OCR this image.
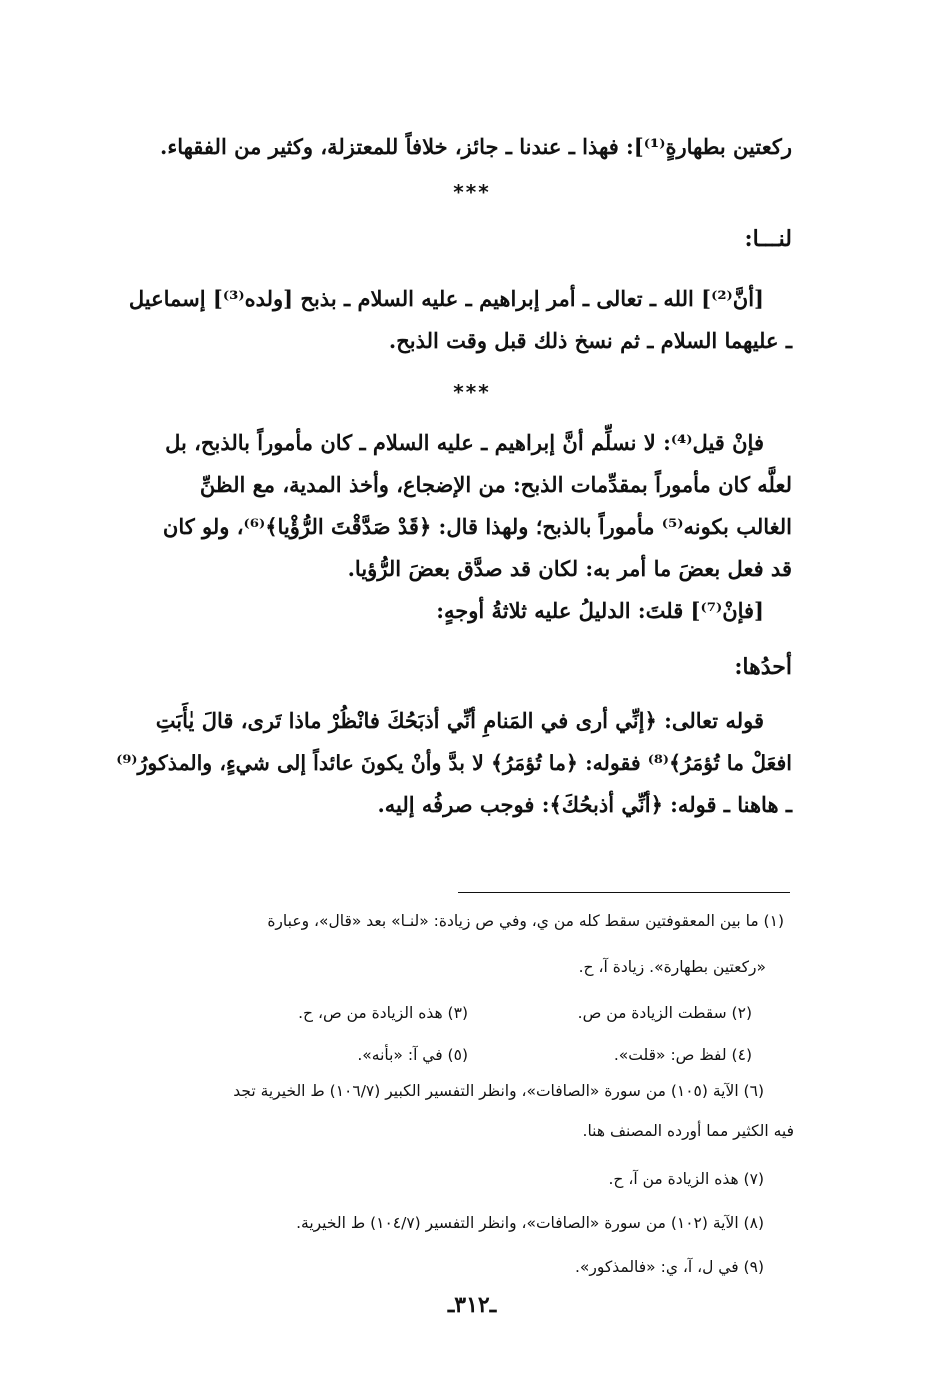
ركعتين بطهارةٍ⁽¹⁾]: فهذا ـ عندنا ـ جائز، خلافاً للمعتزلة، وكثير من الفقهاء.
***
لنـــا:
[أنَّ⁽²⁾] الله ـ تعالى ـ أمر إبراهيم ـ عليه السلام ـ بذبح [ولده⁽³⁾] إسماعيل
ـ عليهما السلام ـ ثم نسخ ذلك قبل وقت الذبح.
***
فإنْ قيل⁽⁴⁾: لا نسلِّم أنَّ إبراهيم ـ عليه السلام ـ كان مأموراً بالذبح، بل
لعلَّه كان مأموراً بمقدِّمات الذبح: من الإضجاع، وأخذ المدية، مع الظنِّ
الغالب بكونه⁽⁵⁾ مأموراً بالذبح؛ ولهذا قال: ﴿قَدْ صَدَّقْتَ الرُّؤْيا﴾⁽⁶⁾، ولو كان
قد فعل بعضَ ما أمر به: لكان قد صدَّق بعضَ الرُّؤيا.
[فإنْ⁽⁷⁾] قلتَ: الدليلُ عليه ثلاثةُ أوجهٍ:
أحدُها:
قوله تعالى: ﴿إنِّي أرى في المَنامِ أنِّي أذبَحُكَ فانْظُرْ ماذا تَرى، قالَ يٰأَبَتِ
افعَلْ ما تُؤمَرُ﴾⁽⁸⁾ فقوله: ﴿ما تُؤمَرُ﴾ لا بدَّ وأنْ يكونَ عائداً إلى شيءٍ، والمذكورُ⁽⁹⁾
ـ هاهنا ـ قوله: ﴿أنِّي أذبحُكَ﴾: فوجب صرفُه إليه.
(١) ما بين المعقوفتين سقط كله من ي، وفي ص زيادة: «لنـا» بعد «قال»، وعبارة
«ركعتين بطهارة». زيادة آ، ح.
(٢) سقطت الزيادة من ص.
(٣) هذه الزيادة من ص، ح.
(٤) لفظ ص: «قلت».
(٥) في آ: «بأنه».
(٦) الآية (١٠٥) من سورة «الصافات»، وانظر التفسير الكبير (١٠٦/٧) ط الخيرية تجد
فيه الكثير مما أورده المصنف هنا.
(٧) هذه الزيادة من آ، ح.
(٨) الآية (١٠٢) من سورة «الصافات»، وانظر التفسير (١٠٤/٧) ط الخيرية.
(٩) في ل، آ، ي: «فالمذكور».
ـ٣١٢ـ
